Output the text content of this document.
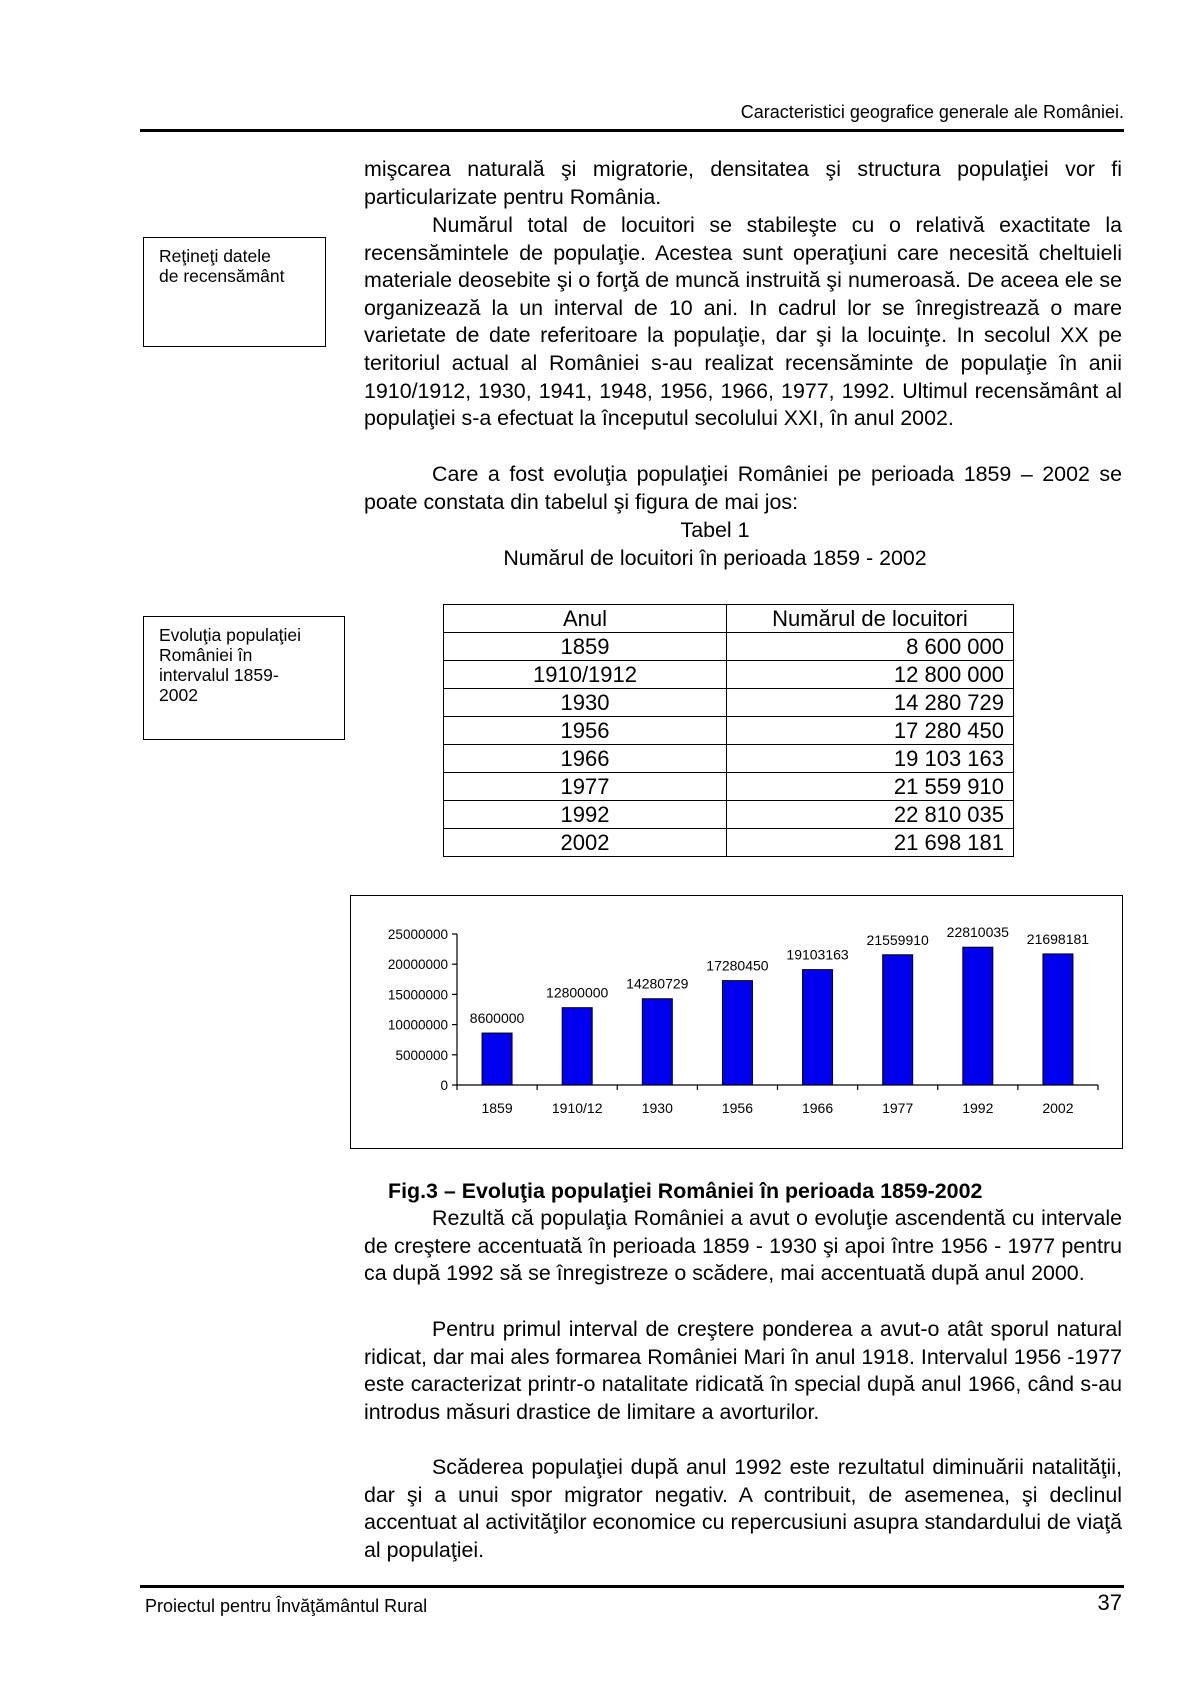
Caracteristici geografice generale ale României.
Reţineţi datele
de recensământ
mişcarea naturală şi migratorie, densitatea şi structura populaţiei vor fi particularizate pentru România.
Numărul total de locuitori se stabileşte cu o relativă exactitate la recensămintele de populaţie. Acestea sunt operaţiuni care necesită cheltuieli materiale deosebite şi o forţă de muncă instruită şi numeroasă. De aceea ele se organizează la un interval de 10 ani. In cadrul lor se înregistrează o mare varietate de date referitoare la populaţie, dar şi la locuinţe. In secolul XX pe teritoriul actual al României s-au realizat recensăminte de populaţie în anii 1910/1912, 1930, 1941, 1948, 1956, 1966, 1977, 1992. Ultimul recensământ al populaţiei s-a efectuat la începutul secolului XXI, în anul 2002.
Care a fost evoluţia populaţiei României pe perioada 1859 – 2002 se poate constata din tabelul şi figura de mai jos:
Tabel 1
Numărul de locuitori în perioada 1859 - 2002
Evoluţia populaţiei
României în
intervalul 1859-
2002
Anul	Numărul de locuitori
1859	8 600 000
1910/1912	12 800 000
1930	14 280 729
1956	17 280 450
1966	19 103 163
1977	21 559 910
1992	22 810 035
2002	21 698 181
0
5000000
10000000
15000000
20000000
25000000
8600000
1859
12800000
1910/12
14280729
1930
17280450
1956
19103163
1966
21559910
1977
22810035
1992
21698181
2002
Fig.3 – Evoluţia populaţiei României în perioada 1859-2002
Rezultă că populaţia României a avut o evoluţie ascendentă cu intervale de creştere accentuată în perioada 1859 - 1930 şi apoi între 1956 - 1977 pentru ca după 1992 să se înregistreze o scădere, mai accentuată după anul 2000.
Pentru primul interval de creştere ponderea a avut-o atât sporul natural ridicat, dar mai ales formarea României Mari în anul 1918. Intervalul 1956 -1977 este caracterizat printr-o natalitate ridicată în special după anul 1966, când s-au introdus măsuri drastice de limitare a avorturilor.
Scăderea populaţiei după anul 1992 este rezultatul diminuării natalităţii, dar şi a unui spor migrator negativ. A contribuit, de asemenea, şi declinul accentuat al activităţilor economice cu repercusiuni asupra standardului de viaţă al populaţiei.
Proiectul pentru Învăţământul Rural	37
